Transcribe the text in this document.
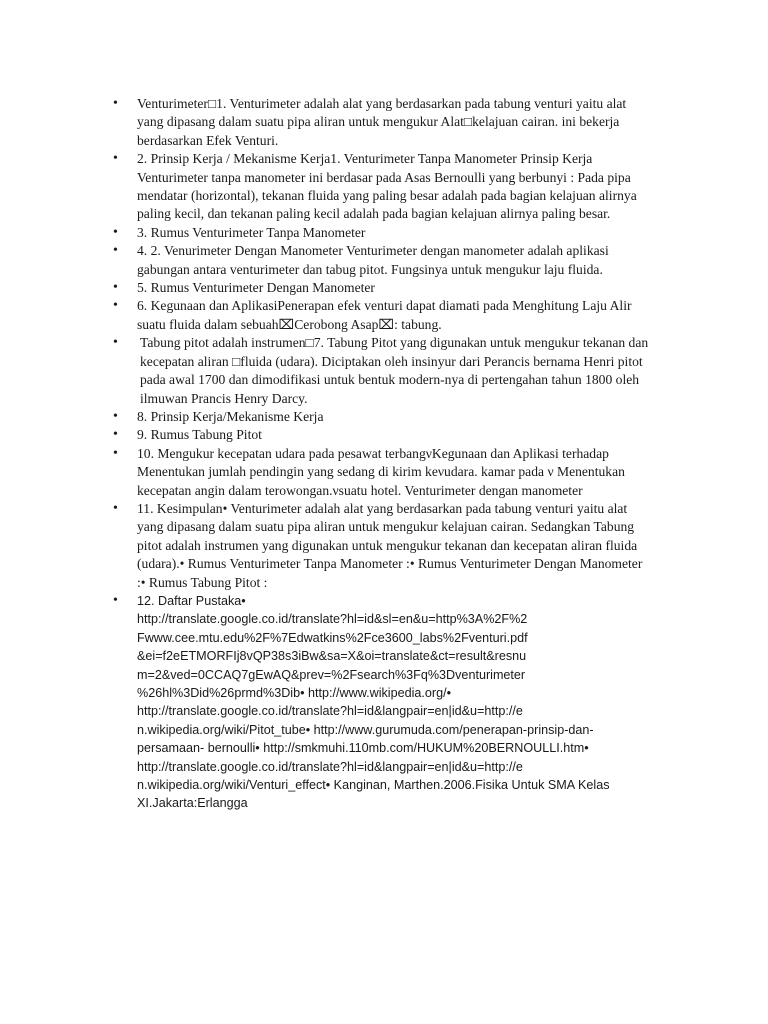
• Venturimeter□1. Venturimeter adalah alat yang berdasarkan pada tabung venturi yaitu alat yang dipasang dalam suatu pipa aliran untuk mengukur Alat□kelajuan cairan. ini bekerja berdasarkan Efek Venturi.
• 2. Prinsip Kerja / Mekanisme Kerja1. Venturimeter Tanpa Manometer Prinsip Kerja Venturimeter tanpa manometer ini berdasar pada Asas Bernoulli yang berbunyi : Pada pipa mendatar (horizontal), tekanan fluida yang paling besar adalah pada bagian kelajuan alirnya paling kecil, dan tekanan paling kecil adalah pada bagian kelajuan alirnya paling besar.
• 3. Rumus Venturimeter Tanpa Manometer
• 4. 2. Venurimeter Dengan Manometer Venturimeter dengan manometer adalah aplikasi gabungan antara venturimeter dan tabug pitot. Fungsinya untuk mengukur laju fluida.
• 5. Rumus Venturimeter Dengan Manometer
• 6. Kegunaan dan AplikasiPenerapan efek venturi dapat diamati pada Menghitung Laju Alir suatu fluida dalam sebuah⌧Cerobong Asap⌧: tabung.
• Tabung pitot adalah instrumen□7. Tabung Pitot yang digunakan untuk mengukur tekanan dan kecepatan aliran □fluida (udara). Diciptakan oleh insinyur dari Perancis bernama Henri pitot pada awal 1700 dan dimodifikasi untuk bentuk modern-nya di pertengahan tahun 1800 oleh ilmuwan Prancis Henry Darcy.
• 8. Prinsip Kerja/Mekanisme Kerja
• 9. Rumus Tabung Pitot
• 10. Mengukur kecepatan udara pada pesawat terbangνKegunaan dan Aplikasi terhadap Menentukan jumlah pendingin yang sedang di kirim keνudara. kamar pada ν Menentukan kecepatan angin dalam terowongan.νsuatu hotel. Venturimeter dengan manometer
• 11. Kesimpulan• Venturimeter adalah alat yang berdasarkan pada tabung venturi yaitu alat yang dipasang dalam suatu pipa aliran untuk mengukur kelajuan cairan. Sedangkan Tabung pitot adalah instrumen yang digunakan untuk mengukur tekanan dan kecepatan aliran fluida (udara).• Rumus Venturimeter Tanpa Manometer :• Rumus Venturimeter Dengan Manometer :• Rumus Tabung Pitot :
• 12. Daftar Pustaka•
http://translate.google.co.id/translate?hl=id&sl=en&u=http%3A%2F%2
Fwww.cee.mtu.edu%2F%7Edwatkins%2Fce3600_labs%2Fventuri.pdf
&ei=f2eETMORFIj8vQP38s3iBw&sa=X&oi=translate&ct=result&resnu
m=2&ved=0CCAQ7gEwAQ&prev=%2Fsearch%3Fq%3Dventurimeter
%26hl%3Did%26prmd%3Dib• http://www.wikipedia.org/•
http://translate.google.co.id/translate?hl=id&langpair=en|id&u=http://e
n.wikipedia.org/wiki/Pitot_tube• http://www.gurumuda.com/penerapan-prinsip-dan-
persamaan- bernoulli• http://smkmuhi.110mb.com/HUKUM%20BERNOULLI.htm•
http://translate.google.co.id/translate?hl=id&langpair=en|id&u=http://e
n.wikipedia.org/wiki/Venturi_effect• Kanginan, Marthen.2006.Fisika Untuk SMA Kelas
XI.Jakarta:Erlangga
